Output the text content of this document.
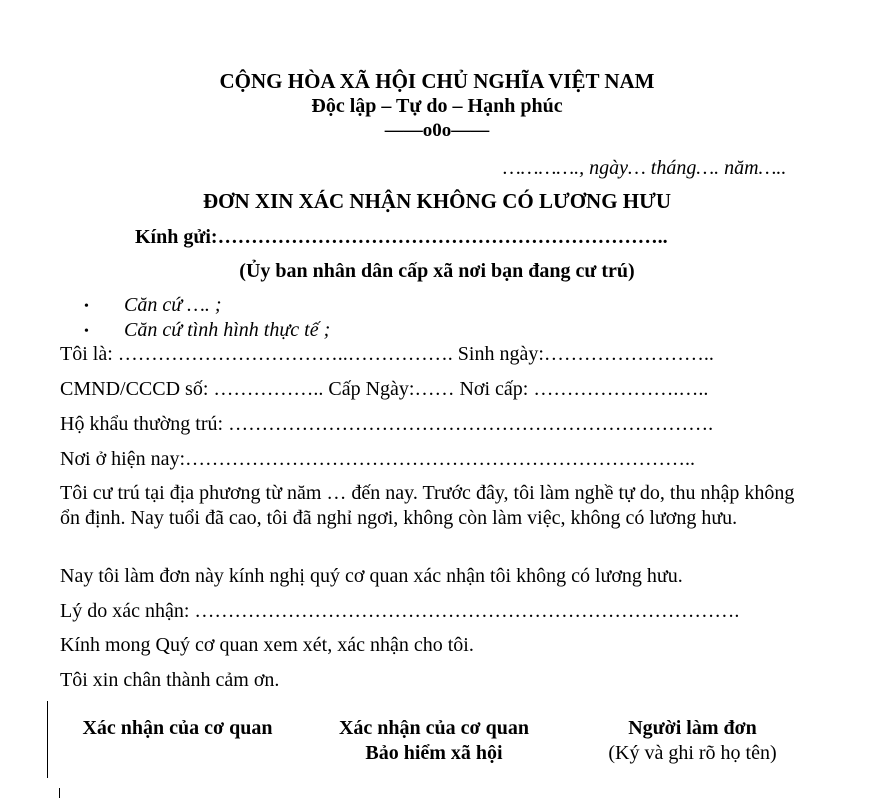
CỘNG HÒA XÃ HỘI CHỦ NGHĨA VIỆT NAM
Độc lập – Tự do – Hạnh phúc
——o0o——
…………., ngày… tháng…. năm…..
ĐƠN XIN XÁC NHẬN KHÔNG CÓ LƯƠNG HƯU
Kính gửi:…………………………………………………………..
(Ủy ban nhân dân cấp xã nơi bạn đang cư trú)
• Căn cứ …. ;
• Căn cứ tình hình thực tế ;
Tôi là: ……………………………..……………. Sinh ngày:……………………..
CMND/CCCD số: …………….. Cấp Ngày:…… Nơi cấp: ………………….…..
Hộ khẩu thường trú: ……………………………………………………………….
Nơi ở hiện nay:…………………………………………………………………..
Tôi cư trú tại địa phương từ năm … đến nay. Trước đây, tôi làm nghề tự do, thu nhập không ổn định. Nay tuổi đã cao, tôi đã nghỉ ngơi, không còn làm việc, không có lương hưu.
Nay tôi làm đơn này kính nghị quý cơ quan xác nhận tôi không có lương hưu.
Lý do xác nhận: ……………………………………………………………………….
Kính mong Quý cơ quan xem xét, xác nhận cho tôi.
Tôi xin chân thành cảm ơn.
Xác nhận của cơ quan	Xác nhận của cơ quan
Bảo hiểm xã hội
Người làm đơn
(Ký và ghi rõ họ tên)
